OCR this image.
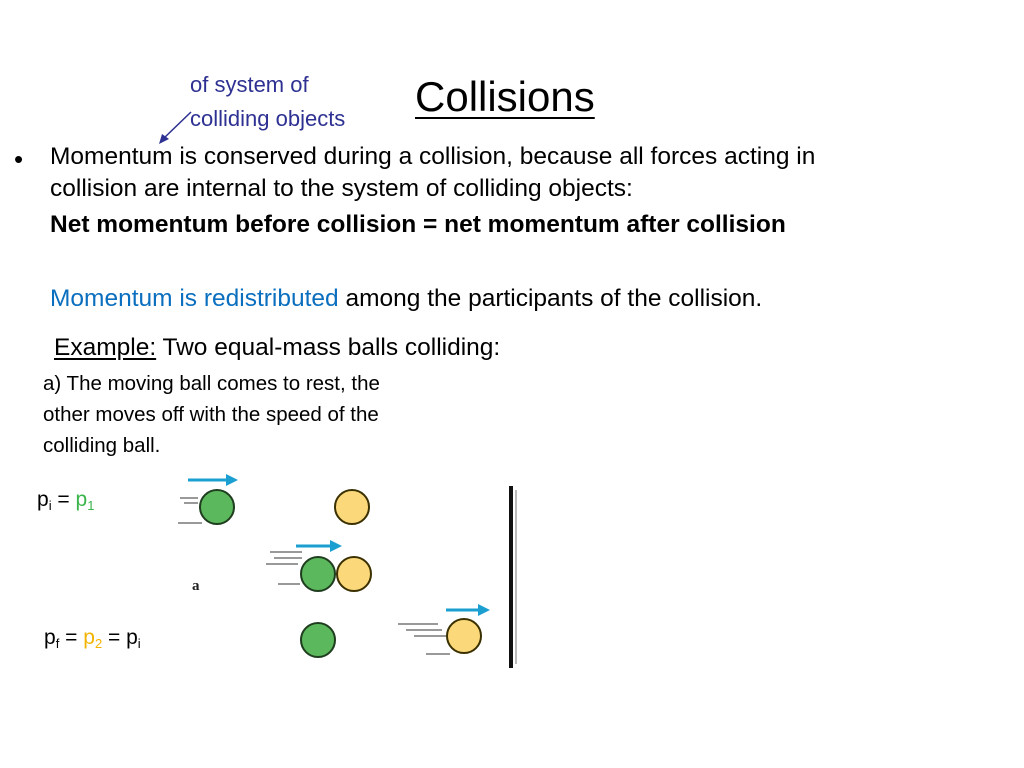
of system of
colliding objects Collisions
• Momentum is conserved during a collision, because all forces acting in
collision are internal to the system of colliding objects:
Net momentum before collision = net momentum after collision
Momentum is redistributed among the participants of the collision.
Example: Two equal-mass balls colliding:
a) The moving ball comes to rest, the
other moves off with the speed of the
colliding ball.
$p_i = p_1$
$p_f = p_2 = p_i$
a
